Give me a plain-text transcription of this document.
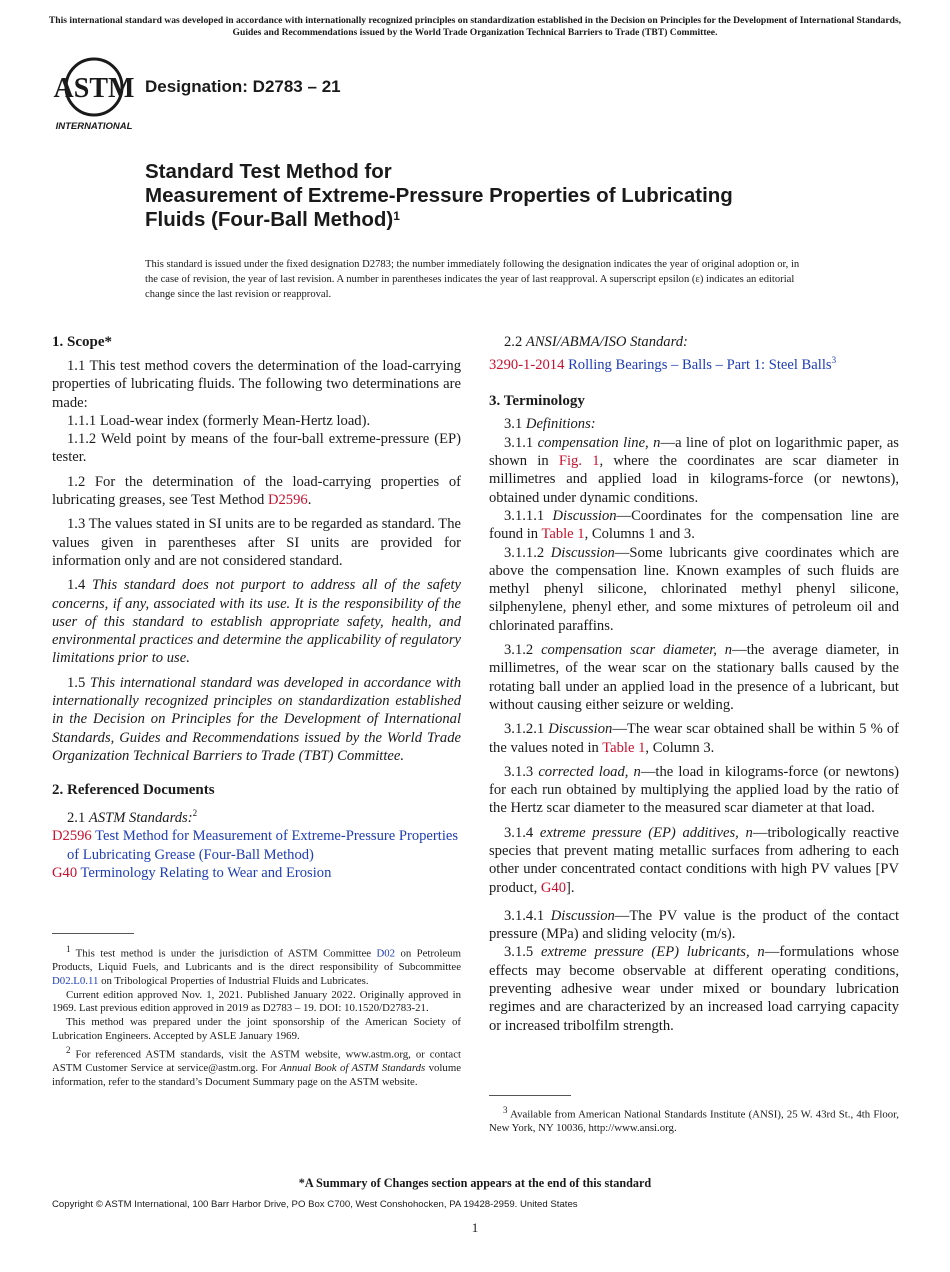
This international standard was developed in accordance with internationally recognized principles on standardization established in the Decision on Principles for the Development of International Standards, Guides and Recommendations issued by the World Trade Organization Technical Barriers to Trade (TBT) Committee.
ASTM
INTERNATIONAL
Designation: D2783 – 21
Standard Test Method for
Measurement of Extreme-Pressure Properties of Lubricating
Fluids (Four-Ball Method)$^1$
This standard is issued under the fixed designation D2783; the number immediately following the designation indicates the year of original adoption or, in the case of revision, the year of last revision. A number in parentheses indicates the year of last reapproval. A superscript epsilon (ε) indicates an editorial change since the last revision or reapproval.
1. Scope*

1.1 This test method covers the determination of the load-carrying properties of lubricating fluids. The following two determinations are made:

1.1.1 Load-wear index (formerly Mean-Hertz load).

1.1.2 Weld point by means of the four-ball extreme-pressure (EP) tester.

1.2 For the determination of the load-carrying properties of lubricating greases, see Test Method D2596.

1.3 The values stated in SI units are to be regarded as standard. The values given in parentheses after SI units are provided for information only and are not considered standard.

1.4 This standard does not purport to address all of the safety concerns, if any, associated with its use. It is the responsibility of the user of this standard to establish appropriate safety, health, and environmental practices and determine the applicability of regulatory limitations prior to use.

1.5 This international standard was developed in accordance with internationally recognized principles on standardization established in the Decision on Principles for the Development of International Standards, Guides and Recommendations issued by the World Trade Organization Technical Barriers to Trade (TBT) Committee.

2. Referenced Documents

2.1 ASTM Standards:$^2$

D2596 Test Method for Measurement of Extreme-Pressure Properties of Lubricating Grease (Four-Ball Method)

G40 Terminology Relating to Wear and Erosion

$^1$ This test method is under the jurisdiction of ASTM Committee D02 on Petroleum Products, Liquid Fuels, and Lubricants and is the direct responsibility of Subcommittee D02.L0.11 on Tribological Properties of Industrial Fluids and Lubricates.

Current edition approved Nov. 1, 2021. Published January 2022. Originally approved in 1969. Last previous edition approved in 2019 as D2783 – 19. DOI: 10.1520/D2783-21.

This method was prepared under the joint sponsorship of the American Society of Lubrication Engineers. Accepted by ASLE January 1969.

$^2$ For referenced ASTM standards, visit the ASTM website, www.astm.org, or contact ASTM Customer Service at service@astm.org. For Annual Book of ASTM Standards volume information, refer to the standard’s Document Summary page on the ASTM website.

2.2 ANSI/ABMA/ISO Standard:

3290-1-2014 Rolling Bearings – Balls – Part 1: Steel Balls$^3$

3. Terminology

3.1 Definitions:

3.1.1 compensation line, n—a line of plot on logarithmic paper, as shown in Fig. 1, where the coordinates are scar diameter in millimetres and applied load in kilograms-force (or newtons), obtained under dynamic conditions.

3.1.1.1 Discussion—Coordinates for the compensation line are found in Table 1, Columns 1 and 3.

3.1.1.2 Discussion—Some lubricants give coordinates which are above the compensation line. Known examples of such fluids are methyl phenyl silicone, chlorinated methyl phenyl silicone, silphenylene, phenyl ether, and some mixtures of petroleum oil and chlorinated paraffins.

3.1.2 compensation scar diameter, n—the average diameter, in millimetres, of the wear scar on the stationary balls caused by the rotating ball under an applied load in the presence of a lubricant, but without causing either seizure or welding.

3.1.2.1 Discussion—The wear scar obtained shall be within 5 % of the values noted in Table 1, Column 3.

3.1.3 corrected load, n—the load in kilograms-force (or newtons) for each run obtained by multiplying the applied load by the ratio of the Hertz scar diameter to the measured scar diameter at that load.

3.1.4 extreme pressure (EP) additives, n—tribologically reactive species that prevent mating metallic surfaces from adhering to each other under concentrated contact conditions with high PV values [PV product, G40].

3.1.4.1 Discussion—The PV value is the product of the contact pressure (MPa) and sliding velocity (m/s).

3.1.5 extreme pressure (EP) lubricants, n—formulations whose effects may become observable at different operating conditions, preventing adhesive wear under mixed or boundary lubrication regimes and are characterized by an increased load carrying capacity or increased tribolfilm strength.

$^3$ Available from American National Standards Institute (ANSI), 25 W. 43rd St., 4th Floor, New York, NY 10036, http://www.ansi.org.

*A Summary of Changes section appears at the end of this standard
Copyright © ASTM International, 100 Barr Harbor Drive, PO Box C700, West Conshohocken, PA 19428-2959. United States
1
